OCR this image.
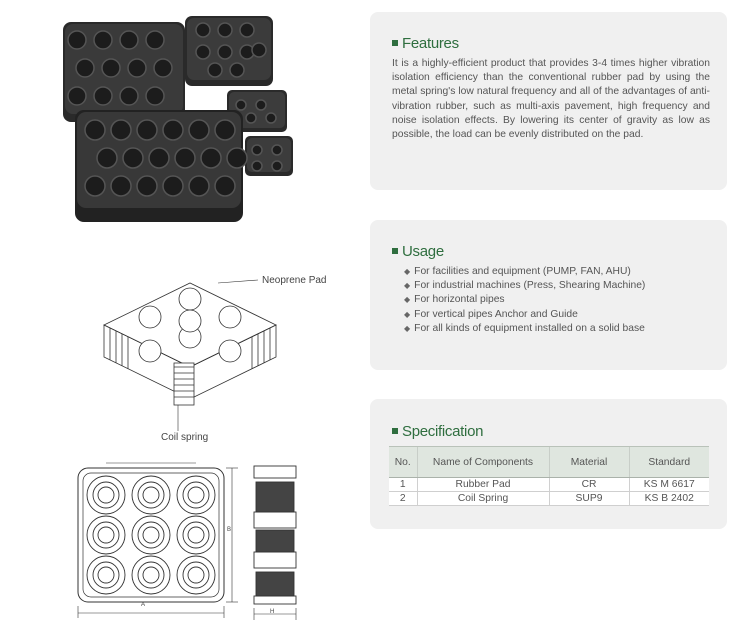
Neoprene Pad
Coil spring
A
B
H
Features
It is a highly-efficient product that provides 3-4 times higher vibration isolation efficiency than the conventional rubber pad by using the metal spring's low natural frequency and all of the advantages of anti-vibration rubber, such as multi-axis pavement, high frequency and noise isolation effects. By lowering its center of gravity as low as possible, the load can be evenly distributed on the pad.
Usage
◆ For facilities and equipment (PUMP, FAN, AHU)
◆ For industrial machines (Press, Shearing Machine)
◆ For horizontal pipes
◆ For vertical pipes Anchor and Guide
◆ For all kinds of equipment installed on a solid base
Specification
No.	Name of Components	Material	Standard
1	Rubber Pad	CR	KS M 6617
2	Coil Spring	SUP9	KS B 2402
